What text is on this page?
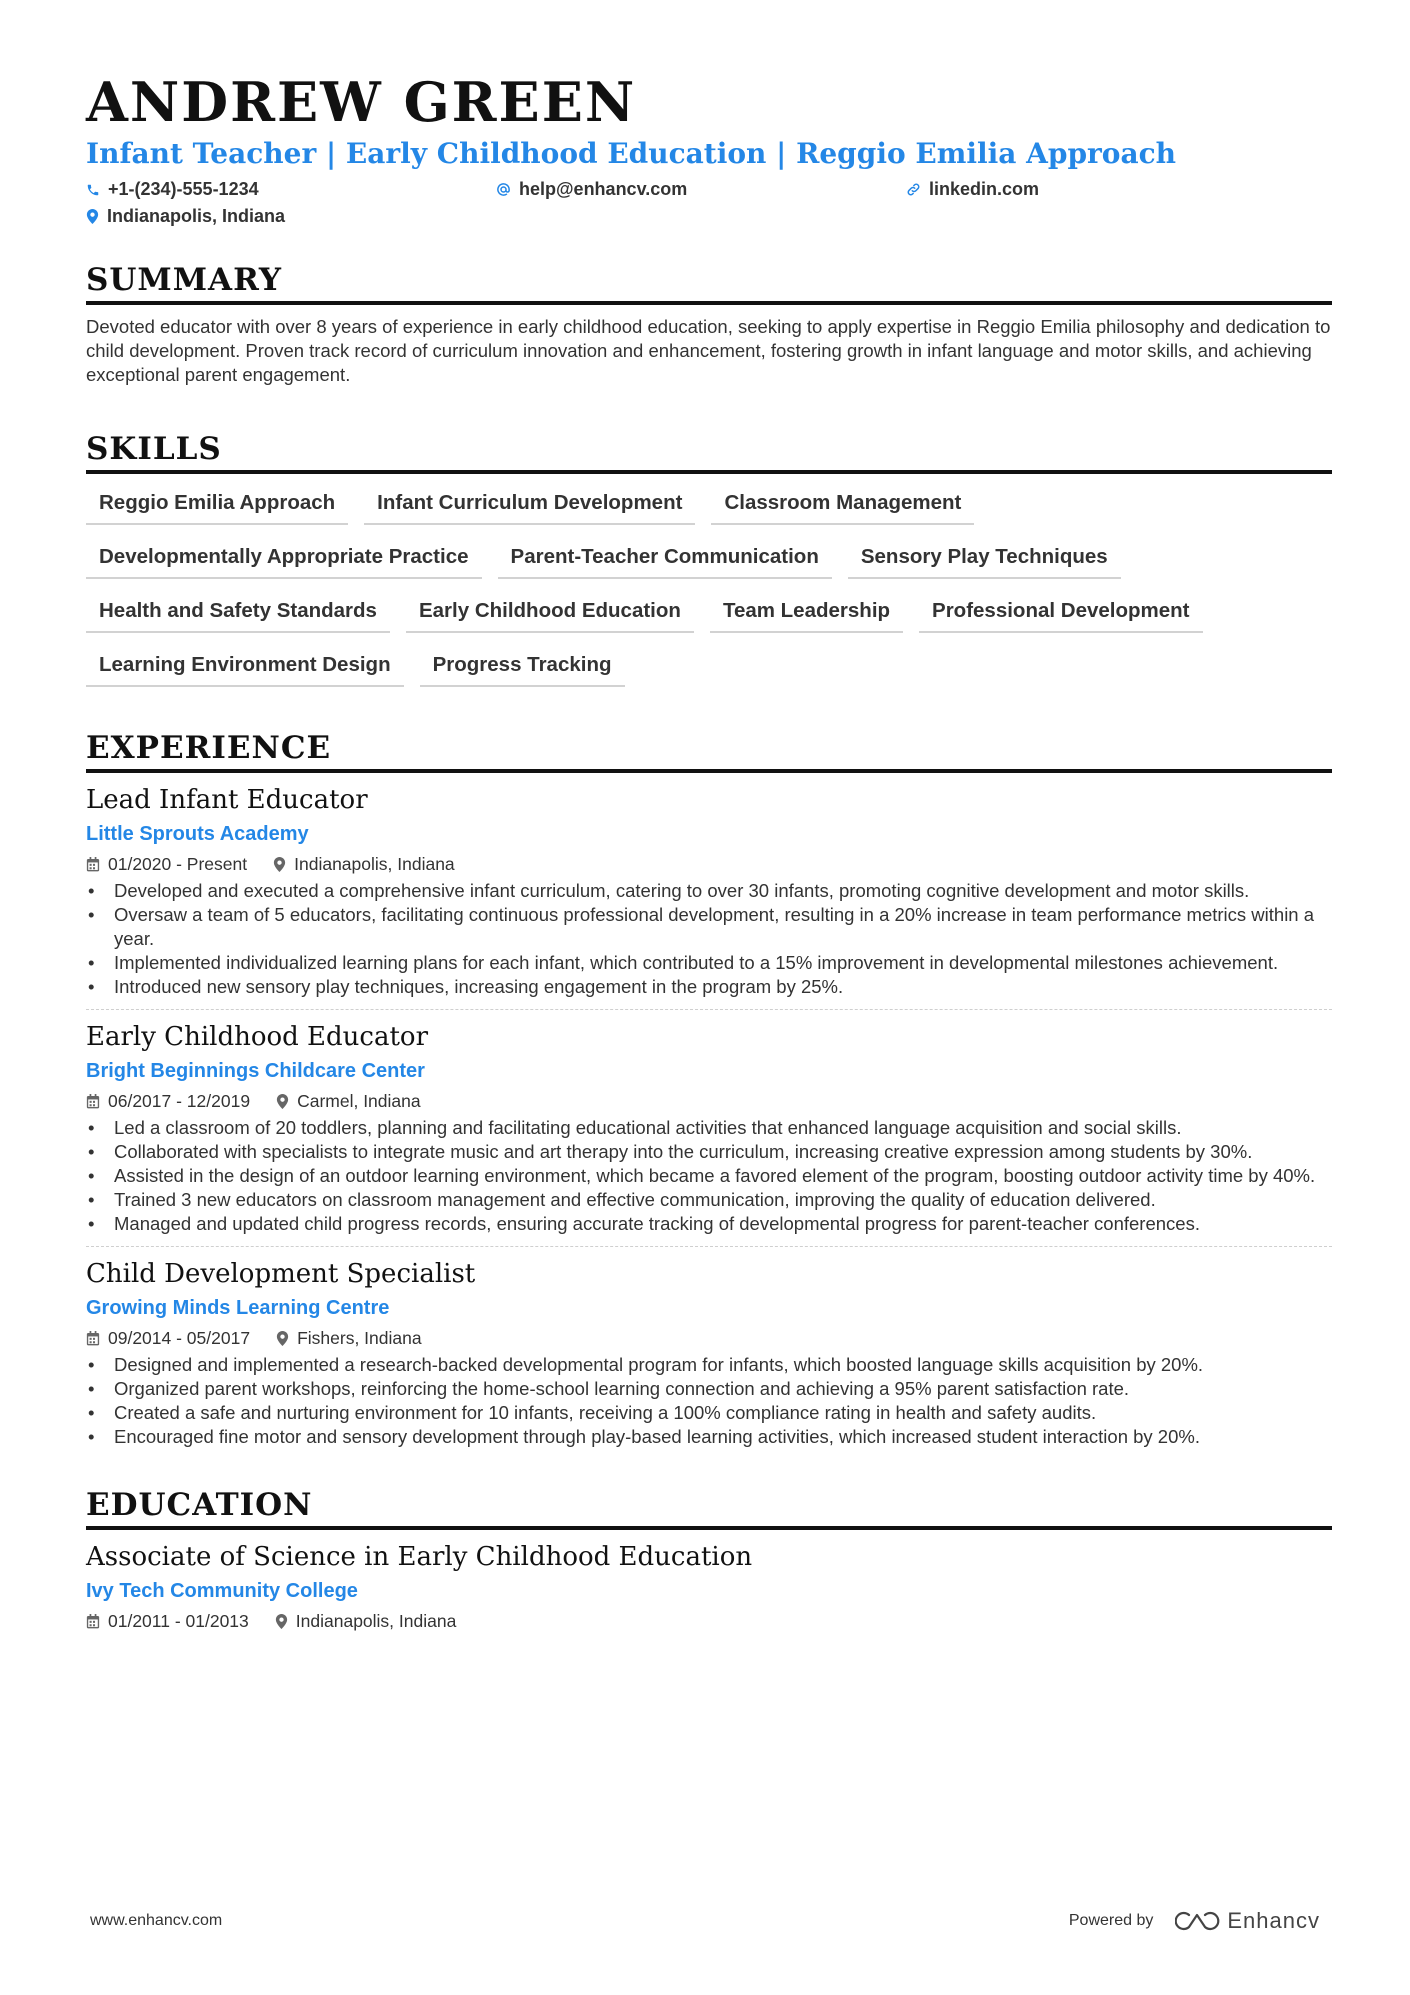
ANDREW GREEN
Infant Teacher | Early Childhood Education | Reggio Emilia Approach
+1-(234)-555-1234	help@enhancv.com	linkedin.com
Indianapolis, Indiana
SUMMARY
Devoted educator with over 8 years of experience in early childhood education, seeking to apply expertise in Reggio Emilia philosophy and dedication to child development. Proven track record of curriculum innovation and enhancement, fostering growth in infant language and motor skills, and achieving exceptional parent engagement.
SKILLS
Reggio Emilia Approach	Infant Curriculum Development	Classroom Management
Developmentally Appropriate Practice	Parent-Teacher Communication	Sensory Play Techniques
Health and Safety Standards	Early Childhood Education	Team Leadership	Professional Development
Learning Environment Design	Progress Tracking
EXPERIENCE
Lead Infant Educator
Little Sprouts Academy
01/2020 - Present	Indianapolis, Indiana
• Developed and executed a comprehensive infant curriculum, catering to over 30 infants, promoting cognitive development and motor skills.
• Oversaw a team of 5 educators, facilitating continuous professional development, resulting in a 20% increase in team performance metrics within a year.
• Implemented individualized learning plans for each infant, which contributed to a 15% improvement in developmental milestones achievement.
• Introduced new sensory play techniques, increasing engagement in the program by 25%.
Early Childhood Educator
Bright Beginnings Childcare Center
06/2017 - 12/2019	Carmel, Indiana
• Led a classroom of 20 toddlers, planning and facilitating educational activities that enhanced language acquisition and social skills.
• Collaborated with specialists to integrate music and art therapy into the curriculum, increasing creative expression among students by 30%.
• Assisted in the design of an outdoor learning environment, which became a favored element of the program, boosting outdoor activity time by 40%.
• Trained 3 new educators on classroom management and effective communication, improving the quality of education delivered.
• Managed and updated child progress records, ensuring accurate tracking of developmental progress for parent-teacher conferences.
Child Development Specialist
Growing Minds Learning Centre
09/2014 - 05/2017	Fishers, Indiana
• Designed and implemented a research-backed developmental program for infants, which boosted language skills acquisition by 20%.
• Organized parent workshops, reinforcing the home-school learning connection and achieving a 95% parent satisfaction rate.
• Created a safe and nurturing environment for 10 infants, receiving a 100% compliance rating in health and safety audits.
• Encouraged fine motor and sensory development through play-based learning activities, which increased student interaction by 20%.
EDUCATION
Associate of Science in Early Childhood Education
Ivy Tech Community College
01/2011 - 01/2013	Indianapolis, Indiana
www.enhancv.com	Powered by	Enhancv
